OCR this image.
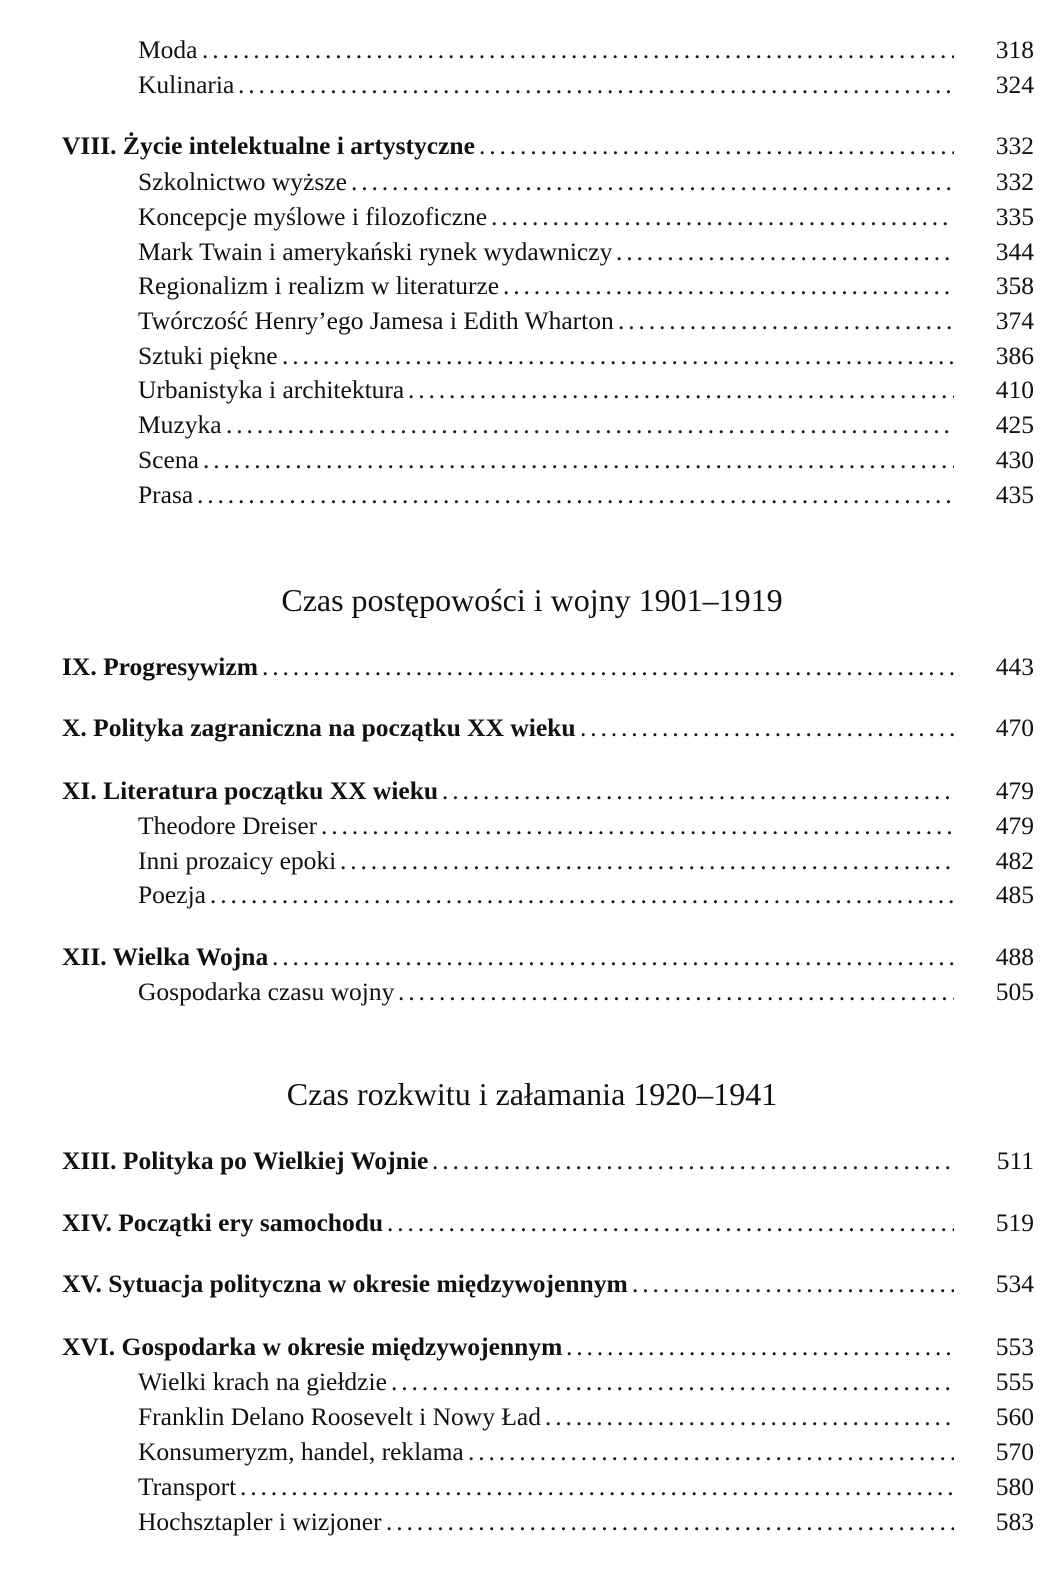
Moda . . .	318
Kulinaria . . .	324
VIII. Życie intelektualne i artystyczne . . .	332
Szkolnictwo wyższe . . .	332
Koncepcje myślowe i filozoficzne . . .	335
Mark Twain i amerykański rynek wydawniczy . . .	344
Regionalizm i realizm w literaturze . . .	358
Twórczość Henry’ego Jamesa i Edith Wharton . . .	374
Sztuki piękne . . .	386
Urbanistyka i architektura . . .	410
Muzyka . . .	425
Scena . . .	430
Prasa . . .	435
Czas postępowości i wojny 1901–1919
IX. Progresywizm . . .	443
X. Polityka zagraniczna na początku XX wieku . . .	470
XI. Literatura początku XX wieku . . .	479
Theodore Dreiser . . .	479
Inni prozaicy epoki . . .	482
Poezja . . .	485
XII. Wielka Wojna . . .	488
Gospodarka czasu wojny . . .	505
Czas rozkwitu i załamania 1920–1941
XIII. Polityka po Wielkiej Wojnie . . .	511
XIV. Początki ery samochodu . . .	519
XV. Sytuacja polityczna w okresie międzywojennym . . .	534
XVI. Gospodarka w okresie międzywojennym . . .	553
Wielki krach na giełdzie . . .	555
Franklin Delano Roosevelt i Nowy Ład . . .	560
Konsumeryzm, handel, reklama . . .	570
Transport . . .	580
Hochsztapler i wizjoner . . .	583
